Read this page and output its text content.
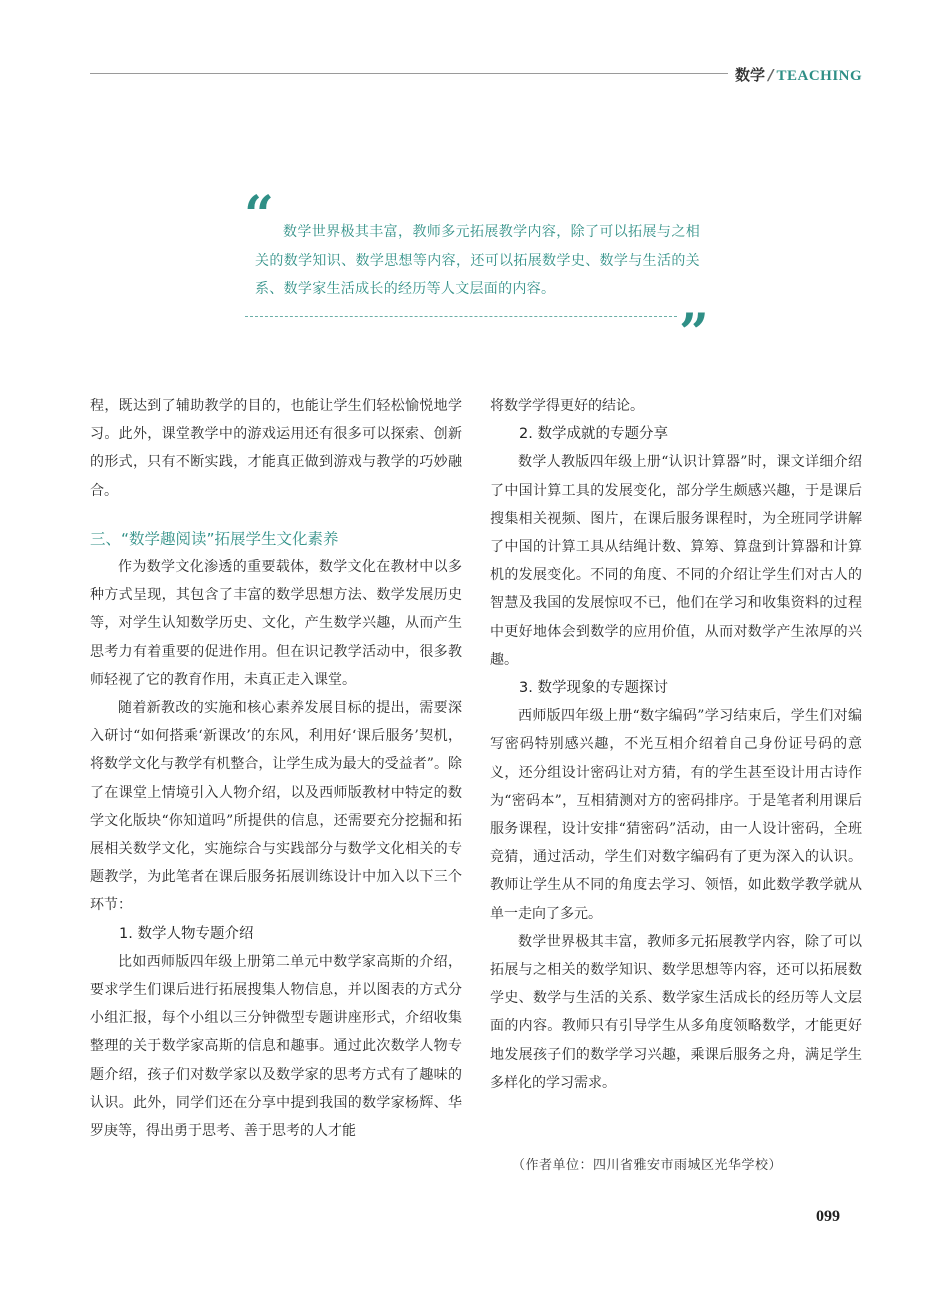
数学 / TEACHING
“ 数学世界极其丰富，教师多元拓展教学内容，除了可以拓展与之相关的数学知识、数学思想等内容，还可以拓展数学史、数学与生活的关系、数学家生活成长的经历等人文层面的内容。

”

程，既达到了辅助教学的目的，也能让学生们轻松愉悦地学习。此外，课堂教学中的游戏运用还有很多可以探索、创新的形式，只有不断实践，才能真正做到游戏与教学的巧妙融合。

三、“数学趣阅读”拓展学生文化素养

作为数学文化渗透的重要载体，数学文化在教材中以多种方式呈现，其包含了丰富的数学思想方法、数学发展历史等，对学生认知数学历史、文化，产生数学兴趣，从而产生思考力有着重要的促进作用。但在识记教学活动中，很多教师轻视了它的教育作用，未真正走入课堂。

随着新教改的实施和核心素养发展目标的提出，需要深入研讨“如何搭乘‘新课改’的东风，利用好‘课后服务’契机，将数学文化与教学有机整合，让学生成为最大的受益者”。除了在课堂上情境引入人物介绍，以及西师版教材中特定的数学文化版块“你知道吗”所提供的信息，还需要充分挖掘和拓展相关数学文化，实施综合与实践部分与数学文化相关的专题教学，为此笔者在课后服务拓展训练设计中加入以下三个环节：

1. 数学人物专题介绍

比如西师版四年级上册第二单元中数学家高斯的介绍，要求学生们课后进行拓展搜集人物信息，并以图表的方式分小组汇报，每个小组以三分钟微型专题讲座形式，介绍收集整理的关于数学家高斯的信息和趣事。通过此次数学人物专题介绍，孩子们对数学家以及数学家的思考方式有了趣味的认识。此外，同学们还在分享中提到我国的数学家杨辉、华罗庚等，得出勇于思考、善于思考的人才能

将数学学得更好的结论。

2. 数学成就的专题分享

数学人教版四年级上册“认识计算器”时，课文详细介绍了中国计算工具的发展变化，部分学生颇感兴趣，于是课后搜集相关视频、图片，在课后服务课程时，为全班同学讲解了中国的计算工具从结绳计数、算筹、算盘到计算器和计算机的发展变化。不同的角度、不同的介绍让学生们对古人的智慧及我国的发展惊叹不已，他们在学习和收集资料的过程中更好地体会到数学的应用价值，从而对数学产生浓厚的兴趣。

3. 数学现象的专题探讨

西师版四年级上册“数字编码”学习结束后，学生们对编写密码特别感兴趣，不光互相介绍着自己身份证号码的意义，还分组设计密码让对方猜，有的学生甚至设计用古诗作为“密码本”，互相猜测对方的密码排序。于是笔者利用课后服务课程，设计安排“猜密码”活动，由一人设计密码，全班竞猜，通过活动，学生们对数字编码有了更为深入的认识。教师让学生从不同的角度去学习、领悟，如此数学教学就从单一走向了多元。

数学世界极其丰富，教师多元拓展教学内容，除了可以拓展与之相关的数学知识、数学思想等内容，还可以拓展数学史、数学与生活的关系、数学家生活成长的经历等人文层面的内容。教师只有引导学生从多角度领略数学，才能更好地发展孩子们的数学学习兴趣，乘课后服务之舟，满足学生多样化的学习需求。

（作者单位：四川省雅安市雨城区光华学校）
099
